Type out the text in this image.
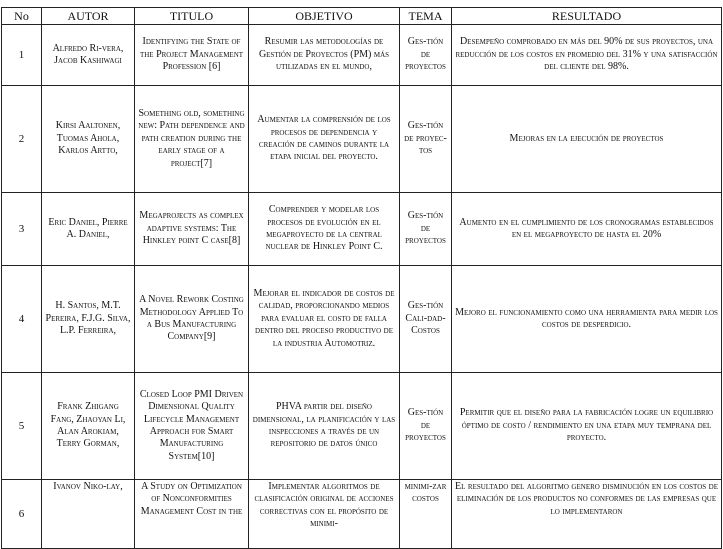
No	AUTOR	TITULO	OBJETIVO	TEMA	RESULTADO
1	Alfredo Ri-vera, Jacob Kashiwagi	Identifying the State of the Project Management Profession [6]	Resumir las metodologías de Gestión de Proyectos (PM) más utilizadas en el mundo,	Ges-tión de proyectos	Desempeño comprobado en más del 90% de sus proyectos, una reducción de los costos en promedio del 31% y una satisfacción del cliente del 98%.
2	Kirsi Aaltonen, Tuomas Ahola, Karlos Artto,	Something old, something new: Path dependence and path creation during the early stage of a project[7]	Aumentar la comprensión de los procesos de dependencia y creación de caminos durante la etapa inicial del proyecto.	Ges-tión de proyec-tos	Mejoras en la ejecución de proyectos
3	Eric Daniel, Pierre A. Daniel,	Megaprojects as complex adaptive systems: The Hinkley point C case[8]	Comprender y modelar los procesos de evolución en el megaproyecto de la central nuclear de Hinkley Point C.	Ges-tión de proyectos	Aumento en el cumplimiento de los cronogramas establecidos en el megaproyecto de hasta el 20%
4	H. Santos, M.T. Pereira, F.J.G. Silva, L.P. Ferreira,	A Novel Rework Costing Methodology Applied To a Bus Manufacturing Company[9]	Mejorar el indicador de costos de calidad, proporcionando medios para evaluar el costo de falla dentro del proceso productivo de la industria Automotriz.	Ges-tión Cali-dad-Costos	Mejoro el funcionamiento como una herramienta para medir los costos de desperdicio.
5	Frank Zhigang Fang, Zhaoyan Li, Alan Arokiam, Terry Gorman,	Closed Loop PMI Driven Dimensional Quality Lifecycle Management Approach for Smart Manufacturing System[10]	PHVA partir del diseño dimensional, la planificación y las inspecciones a través de un repositorio de datos único	Ges-tión de proyectos	Permitir que el diseño para la fabricación logre un equilibrio óptimo de costo / rendimiento en una etapa muy temprana del proyecto.
6	Ivanov Niko-lay,	A Study on Optimization of Nonconformities Management Cost in the	Implementar algoritmos de clasificación original de acciones correctivas con el propósito de minimi-	minimi-zar costos	El resultado del algoritmo genero disminución en los costos de eliminación de los productos no conformes de las empresas que lo implementaron
